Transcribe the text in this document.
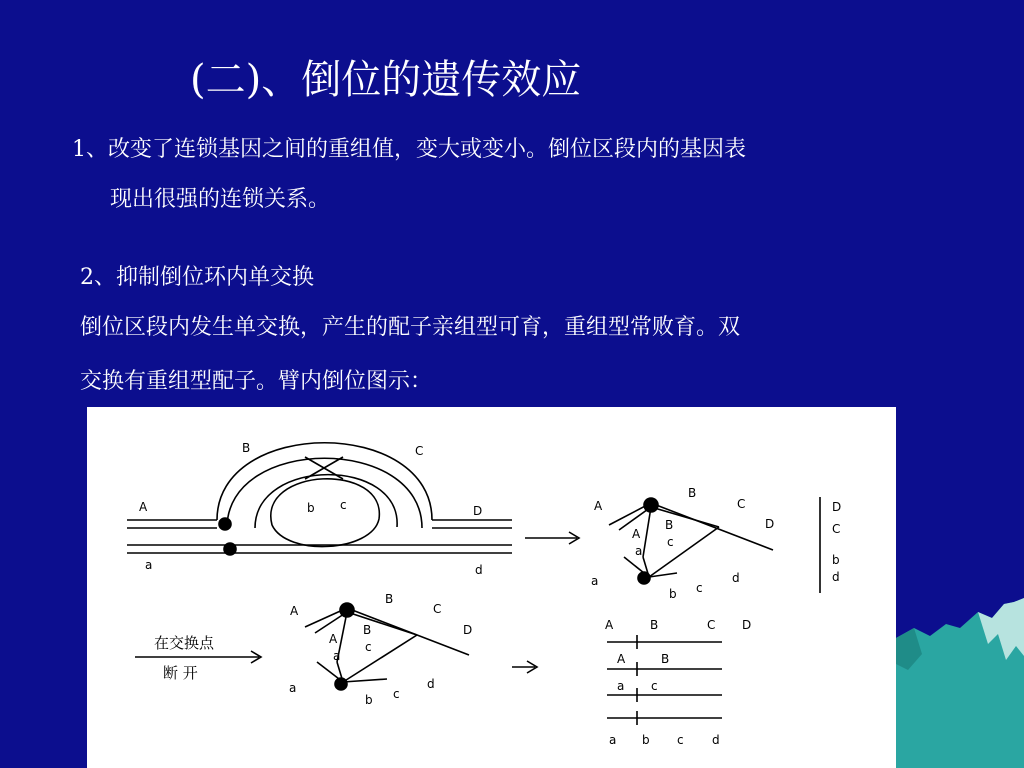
(二)、倒位的遗传效应
1、改变了连锁基因之间的重组值，变大或变小。倒位区段内的基因表
现出很强的连锁关系。
2、抑制倒位环内单交换
倒位区段内发生单交换，产生的配子亲组型可育，重组型常败育。双
交换有重组型配子。臂内倒位图示：
A
B	C
D
b c
a	d
A
B
C
D
B
c
A
a
a
b c
d
D
C
b
d
在交换点
断 开
A
B
C
D
B
c
A
a
a
b c
d
A	B	C D
A	B
a c
a b c d
